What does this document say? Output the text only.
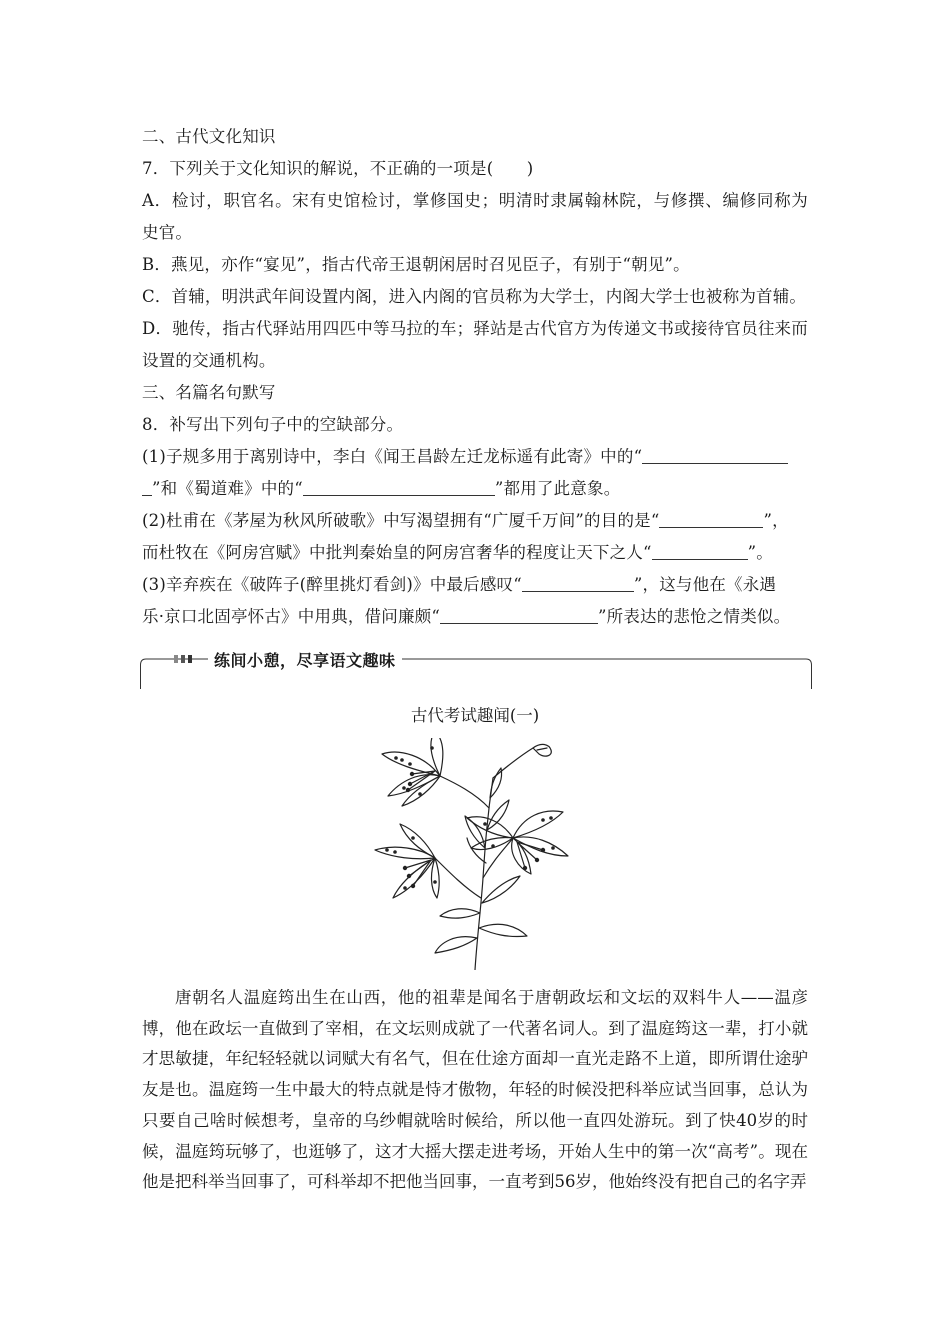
二、古代文化知识
7．下列关于文化知识的解说，不正确的一项是(　　)
A．检讨，职官名。宋有史馆检讨，掌修国史；明清时隶属翰林院，与修撰、编修同称为
史官。
B．燕见，亦作“宴见”，指古代帝王退朝闲居时召见臣子，有别于“朝见”。
C．首辅，明洪武年间设置内阁，进入内阁的官员称为大学士，内阁大学士也被称为首辅。
D．驰传，指古代驿站用四匹中等马拉的车；驿站是古代官方为传递文书或接待官员往来而
设置的交通机构。
三、名篇名句默写
8．补写出下列句子中的空缺部分。
(1)子规多用于离别诗中，李白《闻王昌龄左迁龙标遥有此寄》中的“
”和《蜀道难》中的“	”都用了此意象。
(2)杜甫在《茅屋为秋风所破歌》中写渴望拥有“广厦千万间”的目的是“	”，
而杜牧在《阿房宫赋》中批判秦始皇的阿房宫奢华的程度让天下之人“	”。
(3)辛弃疾在《破阵子(醉里挑灯看剑)》中最后感叹“	”，这与他在《永遇
乐·京口北固亭怀古》中用典，借问廉颇“	”所表达的悲怆之情类似。
练间小憩，尽享语文趣味
古代考试趣闻(一)
唐朝名人温庭筠出生在山西，他的祖辈是闻名于唐朝政坛和文坛的双料牛人——温彦博，他在政坛一直做到了宰相，在文坛则成就了一代著名词人。到了温庭筠这一辈，打小就才思敏捷，年纪轻轻就以词赋大有名气，但在仕途方面却一直光走路不上道，即所谓仕途驴友是也。温庭筠一生中最大的特点就是恃才傲物，年轻的时候没把科举应试当回事，总认为只要自己啥时候想考，皇帝的乌纱帽就啥时候给，所以他一直四处游玩。到了快40岁的时候，温庭筠玩够了，也逛够了，这才大摇大摆走进考场，开始人生中的第一次“高考”。现在他是把科举当回事了，可科举却不把他当回事，一直考到56岁，他始终没有把自己的名字弄
